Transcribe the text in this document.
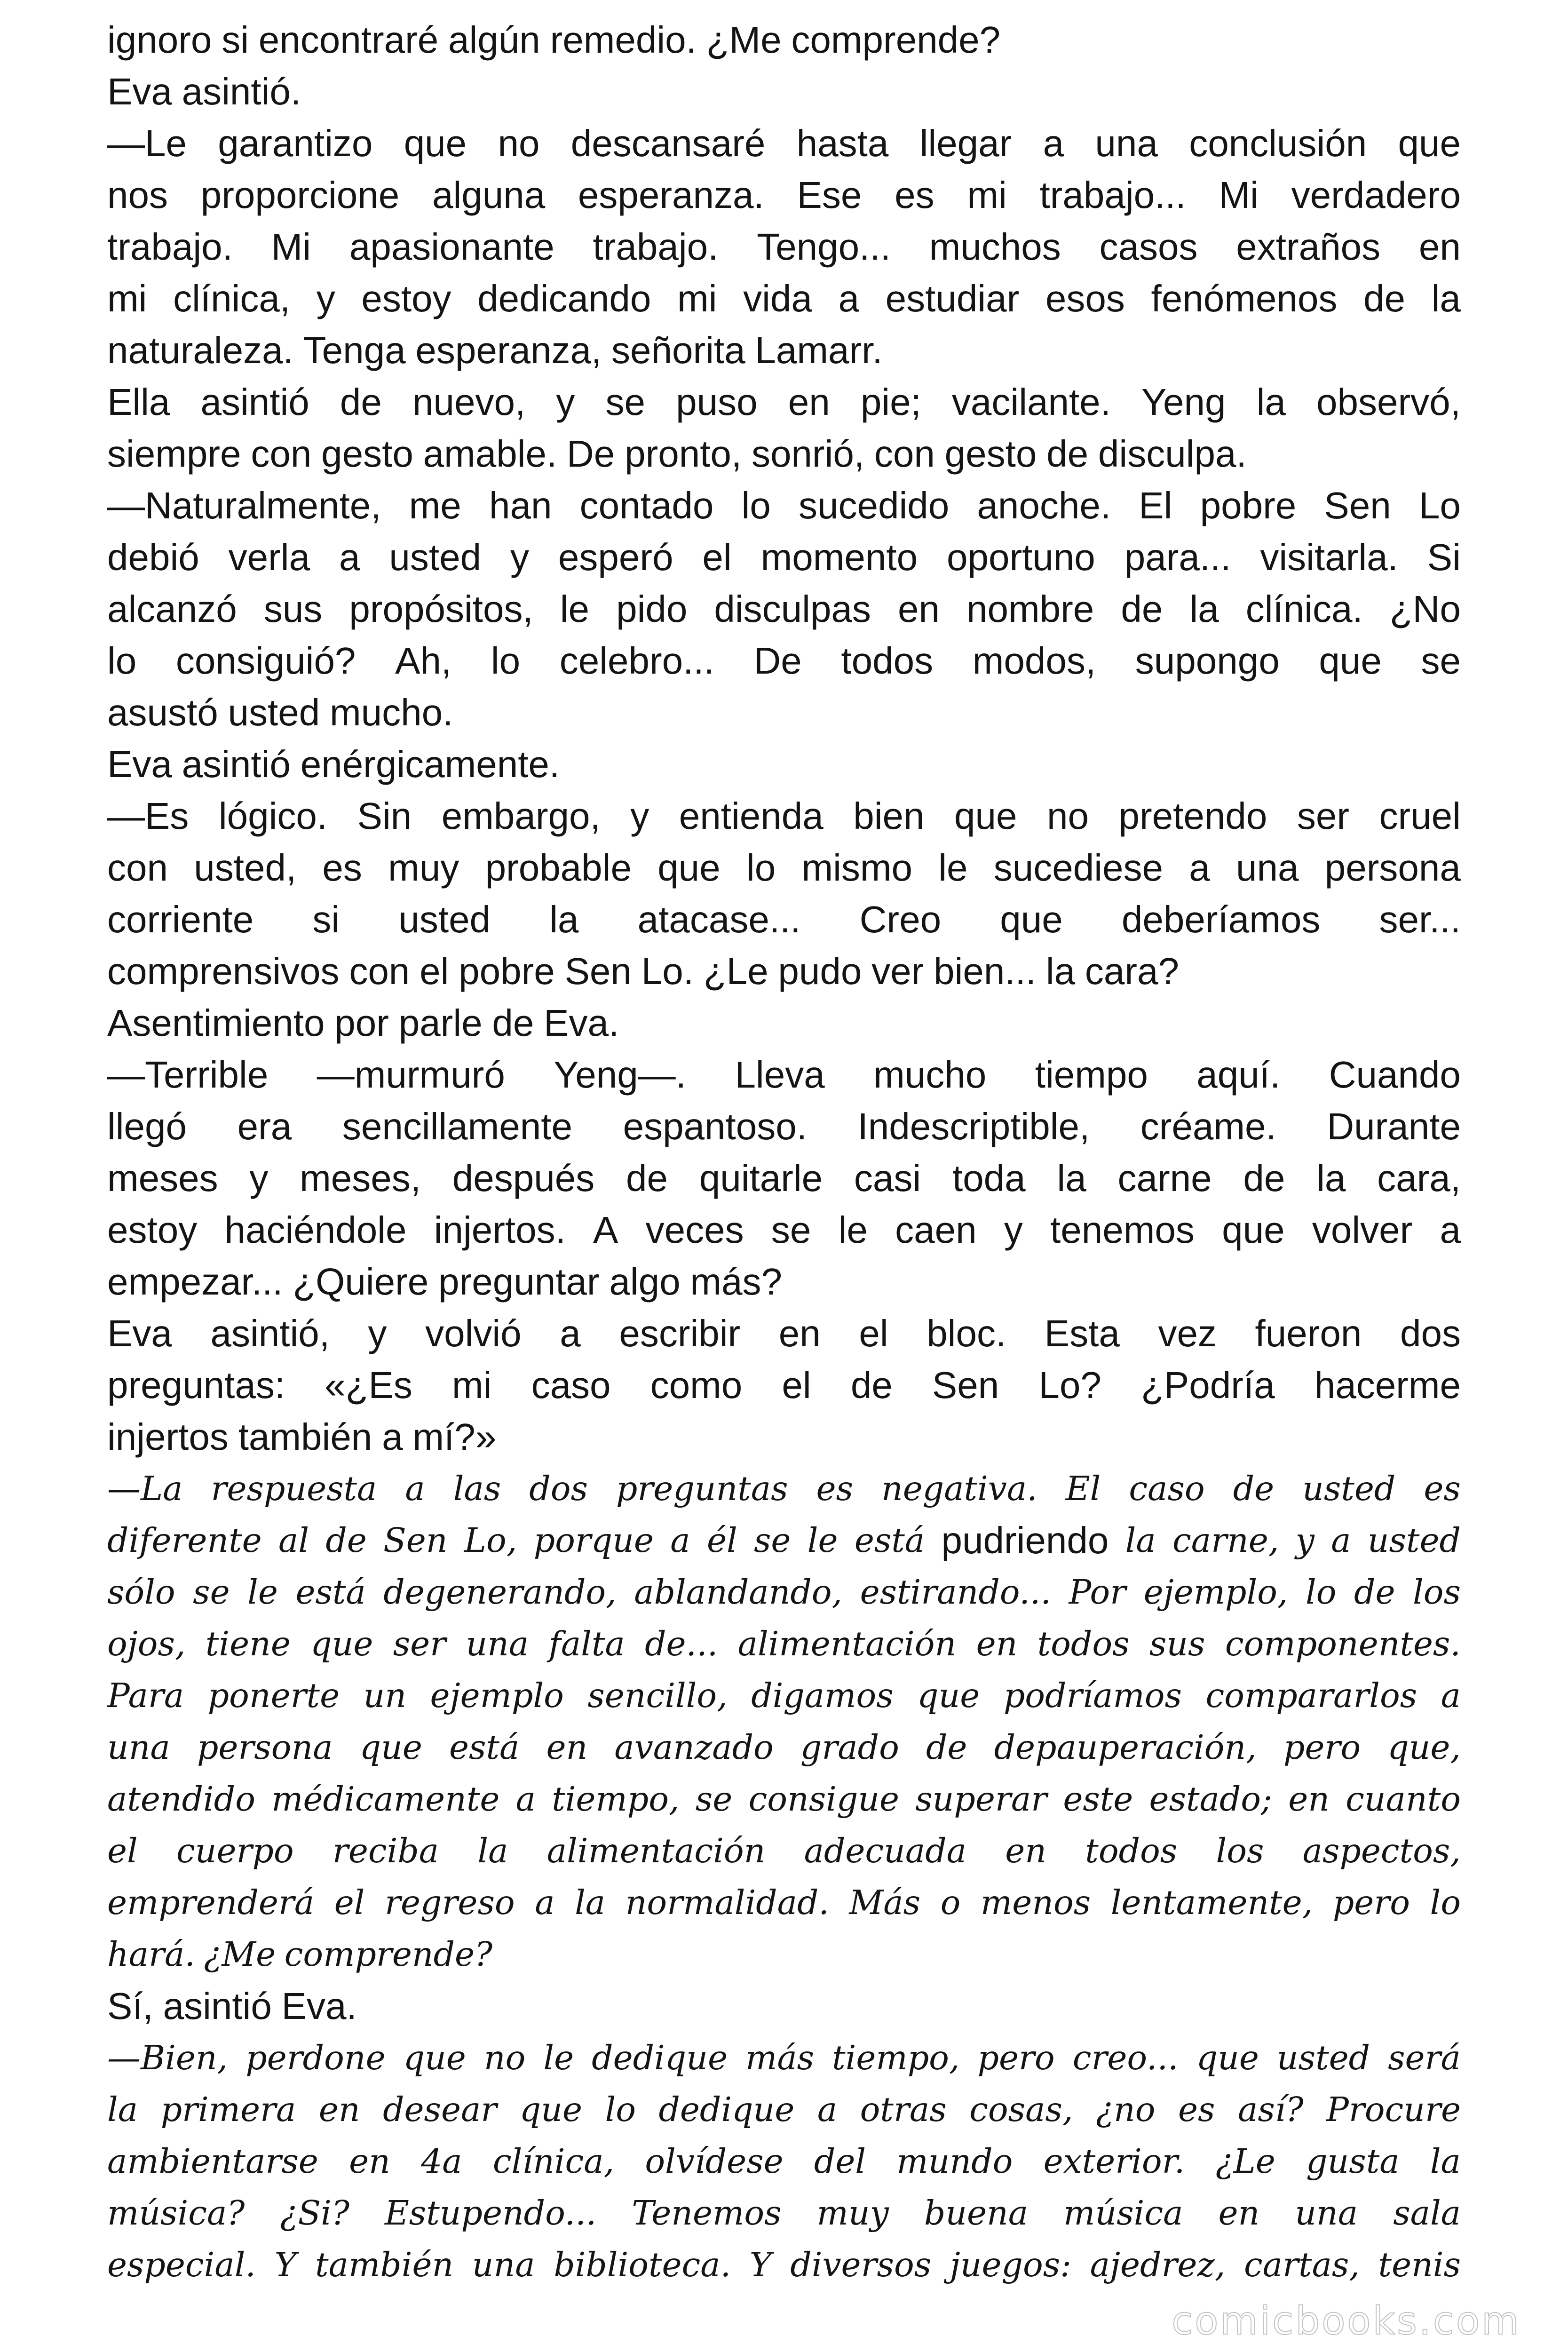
ignoro si encontraré algún remedio. ¿Me comprende?
Eva asintió.
—Le garantizo que no descansaré hasta llegar a una conclusión que
nos proporcione alguna esperanza. Ese es mi trabajo... Mi verdadero
trabajo. Mi apasionante trabajo. Tengo... muchos casos extraños en
mi clínica, y estoy dedicando mi vida a estudiar esos fenómenos de la
naturaleza. Tenga esperanza, señorita Lamarr.
Ella asintió de nuevo, y se puso en pie; vacilante. Yeng la observó,
siempre con gesto amable. De pronto, sonrió, con gesto de disculpa.
—Naturalmente, me han contado lo sucedido anoche. El pobre Sen Lo
debió verla a usted y esperó el momento oportuno para... visitarla. Si
alcanzó sus propósitos, le pido disculpas en nombre de la clínica. ¿No
lo consiguió? Ah, lo celebro... De todos modos, supongo que se
asustó usted mucho.
Eva asintió enérgicamente.
—Es lógico. Sin embargo, y entienda bien que no pretendo ser cruel
con usted, es muy probable que lo mismo le sucediese a una persona
corriente si usted la atacase... Creo que deberíamos ser...
comprensivos con el pobre Sen Lo. ¿Le pudo ver bien... la cara?
Asentimiento por parle de Eva.
—Terrible —murmuró Yeng—. Lleva mucho tiempo aquí. Cuando
llegó era sencillamente espantoso. Indescriptible, créame. Durante
meses y meses, después de quitarle casi toda la carne de la cara,
estoy haciéndole injertos. A veces se le caen y tenemos que volver a
empezar... ¿Quiere preguntar algo más?
Eva asintió, y volvió a escribir en el bloc. Esta vez fueron dos
preguntas: «¿Es mi caso como el de Sen Lo? ¿Podría hacerme
injertos también a mí?»
—La respuesta a las dos preguntas es negativa. El caso de usted es
diferente al de Sen Lo, porque a él se le está pudriendo la carne, y a usted
sólo se le está degenerando, ablandando, estirando... Por ejemplo, lo de los
ojos, tiene que ser una falta de... alimentación en todos sus componentes.
Para ponerte un ejemplo sencillo, digamos que podríamos compararlos a
una persona que está en avanzado grado de depauperación, pero que,
atendido médicamente a tiempo, se consigue superar este estado; en cuanto
el cuerpo reciba la alimentación adecuada en todos los aspectos,
emprenderá el regreso a la normalidad. Más o menos lentamente, pero lo
hará. ¿Me comprende?
Sí, asintió Eva.
—Bien, perdone que no le dedique más tiempo, pero creo... que usted será
la primera en desear que lo dedique a otras cosas, ¿no es así? Procure
ambientarse en 4a clínica, olvídese del mundo exterior. ¿Le gusta la
música? ¿Si? Estupendo... Tenemos muy buena música en una sala
especial. Y también una biblioteca. Y diversos juegos: ajedrez, cartas, tenis
comicbooks.com
